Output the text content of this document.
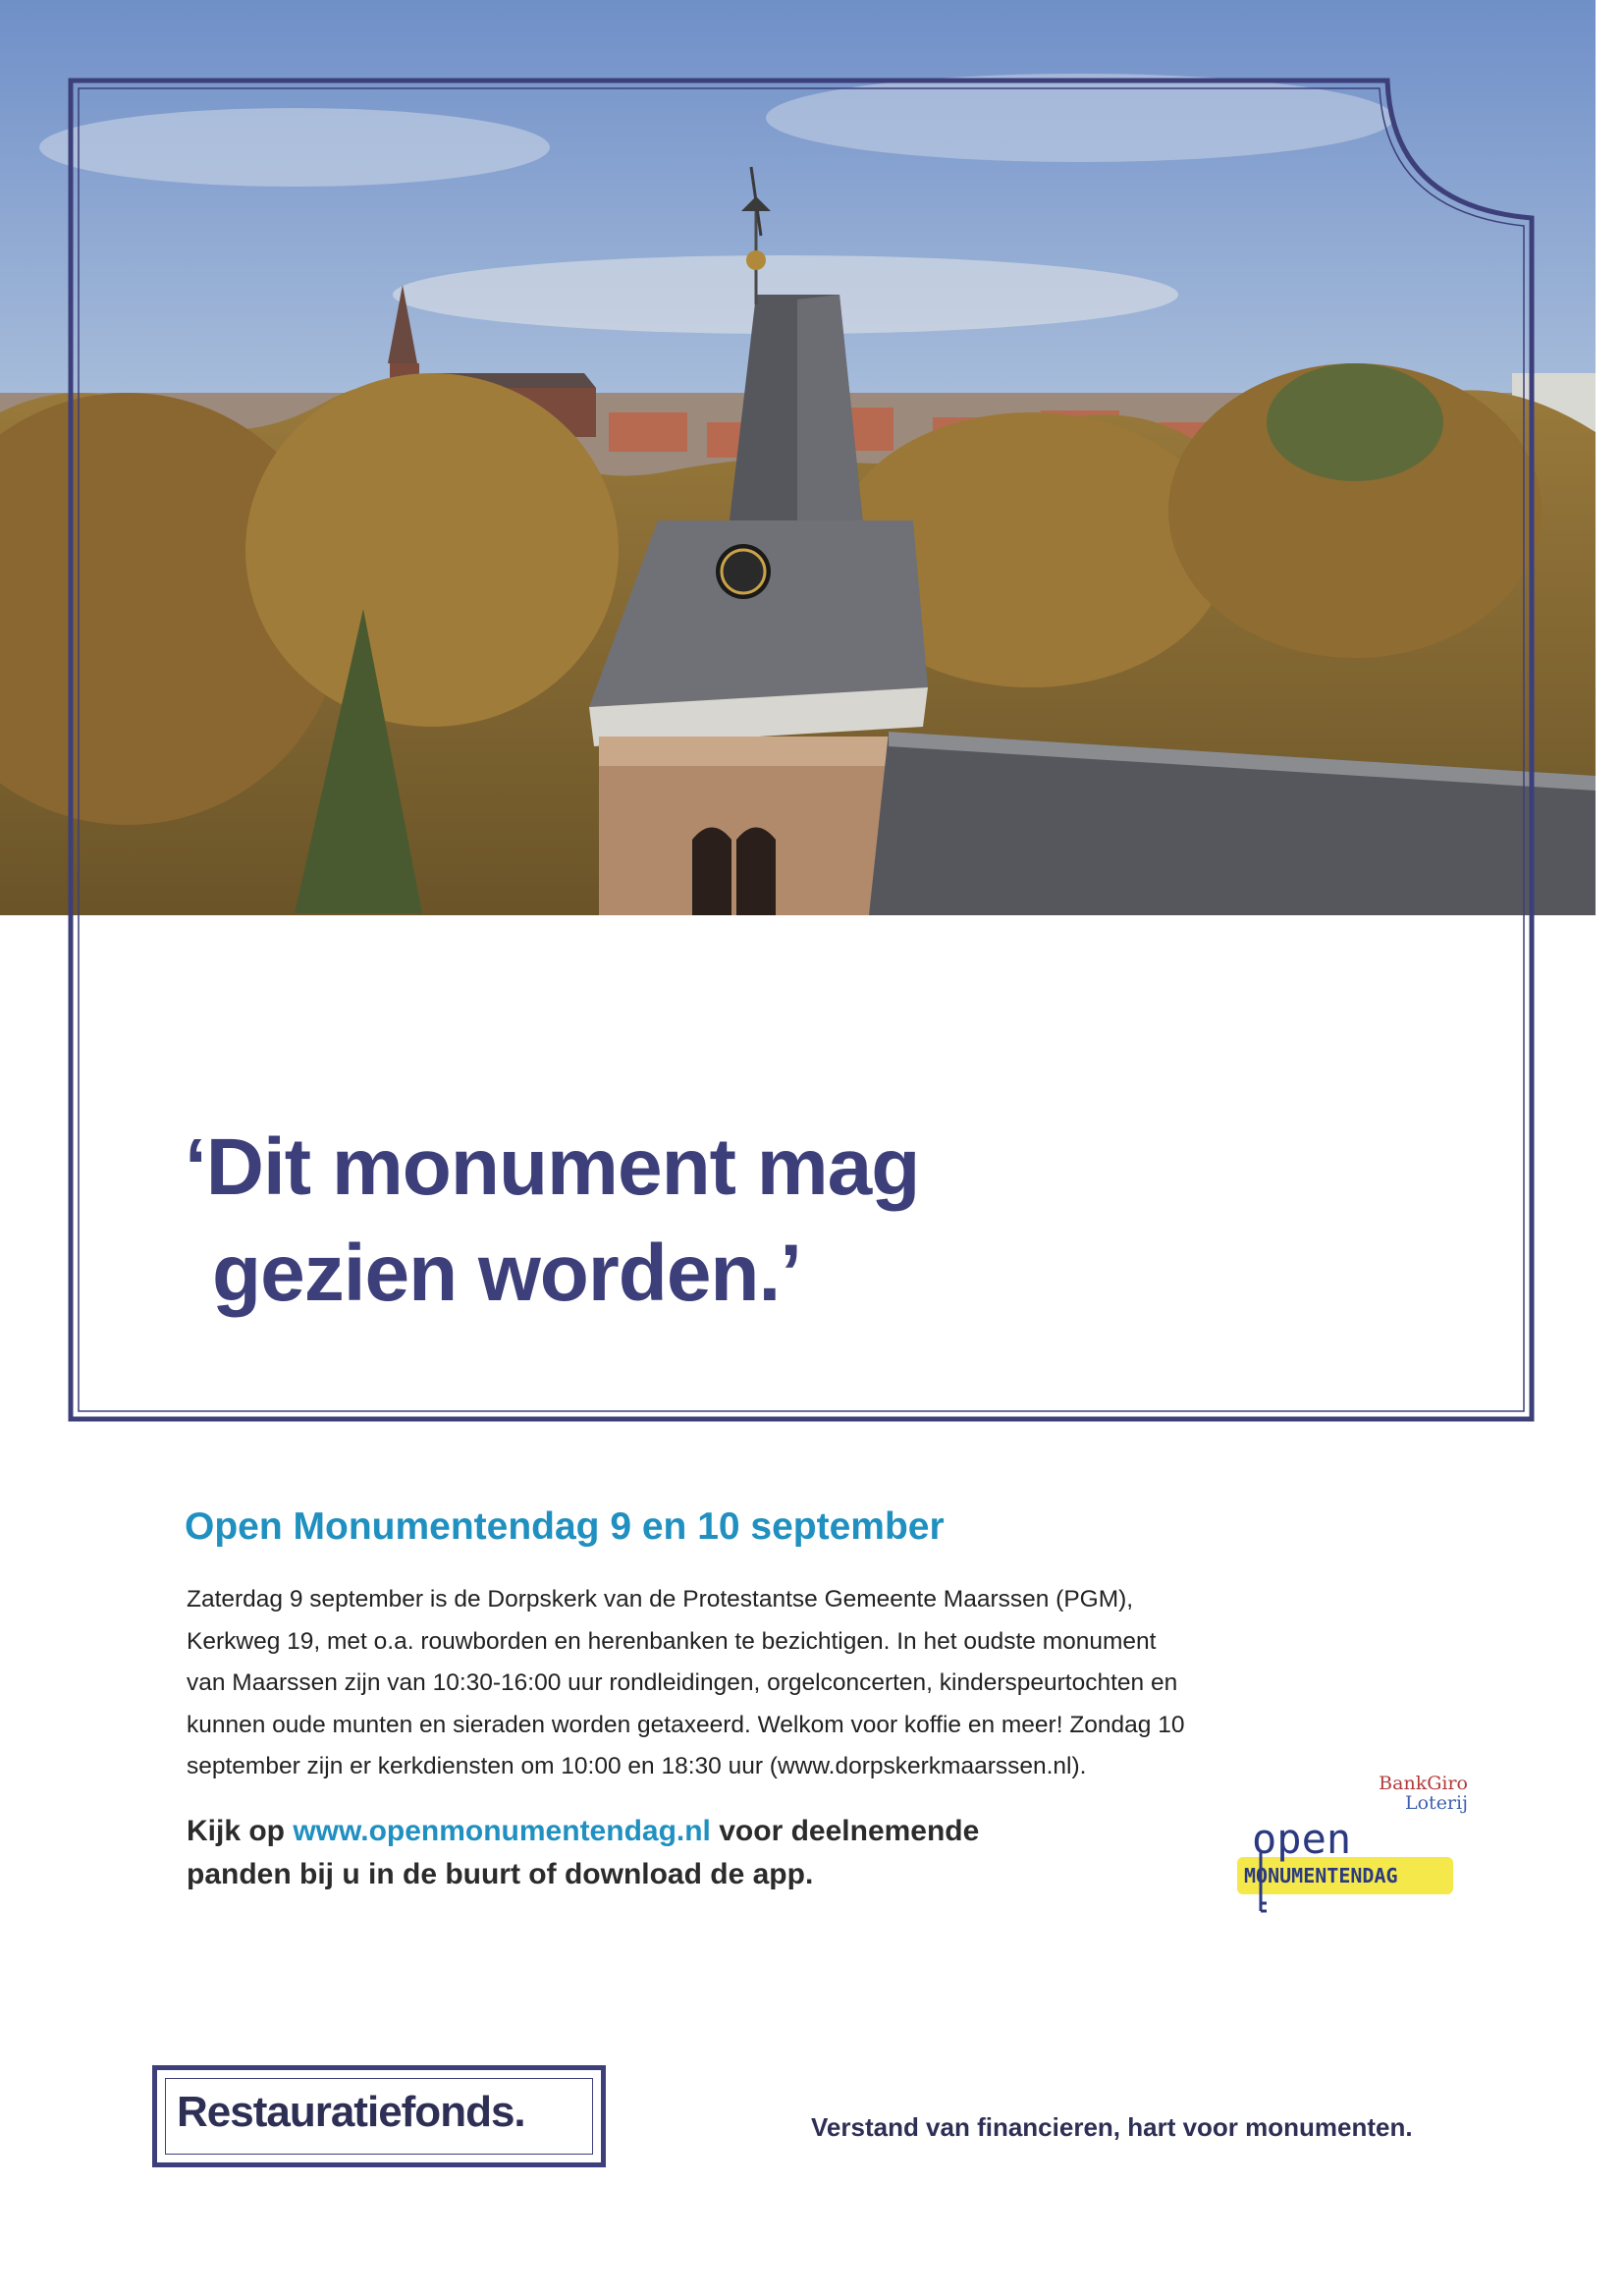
‘Dit monument mag
gezien worden.’
Open Monumentendag 9 en 10 september
Zaterdag 9 september is de Dorpskerk van de Protestantse Gemeente Maarssen (PGM),
Kerkweg 19, met o.a. rouwborden en herenbanken te bezichtigen. In het oudste monument
van Maarssen zijn van 10:30-16:00 uur rondleidingen, orgelconcerten, kinderspeurtochten en
kunnen oude munten en sieraden worden getaxeerd. Welkom voor koffie en meer! Zondag 10
september zijn er kerkdiensten om 10:00 en 18:30 uur (www.dorpskerkmaarssen.nl).
Kijk op www.openmonumentendag.nl voor deelnemende
panden bij u in de buurt of download de app.
BankGiro
Loterij
open
MONUMENTENDAG
Restauratiefonds.	Verstand van financieren, hart voor monumenten.
